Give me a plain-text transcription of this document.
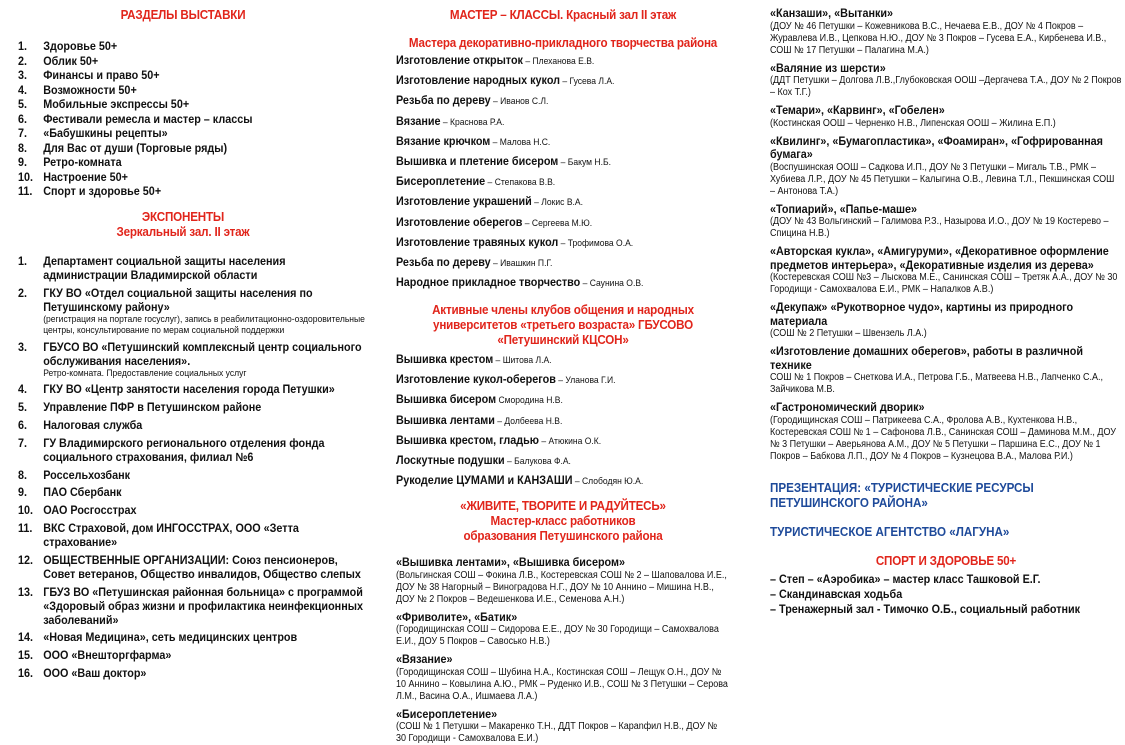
РАЗДЕЛЫ ВЫСТАВКИ
1. Здоровье 50+
2. Облик 50+
3. Финансы и право 50+
4. Возможности 50+
5. Мобильные экспрессы 50+
6. Фестивали ремесла и мастер – классы
7. «Бабушкины рецепты»
8. Для Вас от души (Торговые ряды)
9. Ретро-комната
10. Настроение 50+
11. Спорт и здоровье 50+
ЭКСПОНЕНТЫ
Зеркальный зал. II этаж
1. Департамент социальной защиты населения администрации Владимирской области
2. ГКУ ВО «Отдел социальной защиты населения по Петушинскому району»
(регистрация на портале госуслуг), запись в реабилитационно-оздоровительные центры, консультирование по мерам социальной поддержки
3. ГБУСО ВО «Петушинский комплексный центр социального обслуживания населения».
Ретро-комната. Предоставление социальных услуг
4. ГКУ ВО «Центр занятости населения города Петушки»
5. Управление ПФР в Петушинском районе
6. Налоговая служба
7. ГУ Владимирского регионального отделения фонда социального страхования, филиал №6
8. Россельхозбанк
9. ПАО Сбербанк
10. ОАО Росгосстрах
11. ВКС Страховой, дом ИНГОССТРАХ, ООО «Зетта страхование»
12. ОБЩЕСТВЕННЫЕ ОРГАНИЗАЦИИ: Союз пенсионеров, Совет ветеранов, Общество инвалидов, Общество слепых
13. ГБУЗ ВО «Петушинская районная больница» с программой «Здоровый образ жизни и профилактика неинфекционных заболеваний»
14. «Новая Медицина», сеть медицинских центров
15. ООО «Внешторгфарма»
16. ООО «Ваш доктор»
МАСТЕР – КЛАССЫ. Красный зал II этаж
Мастера декоративно-прикладного творчества района
Изготовление открыток – Плеханова Е.В.
Изготовление народных кукол – Гусева Л.А.
Резьба по дереву – Иванов С.Л.
Вязание – Краснова Р.А.
Вязание крючком – Малова Н.С.
Вышивка и плетение бисером – Бакум Н.Б.
Бисероплетение – Степакова В.В.
Изготовление украшений – Локис В.А.
Изготовление оберегов – Сергеева М.Ю.
Изготовление травяных кукол – Трофимова О.А.
Резьба по дереву – Ивашкин П.Г.
Народное прикладное творчество – Саунина О.В.
Активные члены клубов общения и народных университетов «третьего возраста» ГБУСОВО «Петушинский КЦСОН»
Вышивка крестом – Шитова Л.А.
Изготовление кукол-оберегов – Уланова Г.И.
Вышивка бисером Смородина Н.В.
Вышивка лентами – Долбеева Н.В.
Вышивка крестом, гладью – Атюкина О.К.
Лоскутные подушки – Балукова Ф.А.
Рукоделие ЦУМАМИ и КАНЗАШИ – Слободян Ю.А.
«ЖИВИТЕ, ТВОРИТЕ И РАДУЙТЕСЬ»
Мастер-класс работников образования Петушинского района
«Вышивка лентами», «Вышивка бисером»
(Вольгинская СОШ – Фокина Л.В., Костеревская СОШ № 2 – Шаповалова И.Е., ДОУ № 38 Нагорный – Виноградова Н.Г., ДОУ № 10 Аннино – Мишина Н.В., ДОУ № 2 Покров – Ведешенкова И.Е., Семенова А.Н.)
«Фриволите», «Батик»
(Городищинская СОШ – Сидорова Е.Е., ДОУ № 30 Городищи – Самохвалова Е.И., ДОУ 5 Покров – Савосько Н.В.)
«Вязание»
(Городищинская СОШ – Шубина Н.А., Костинская СОШ – Лещук О.Н., ДОУ № 10 Аннино – Ковылина А.Ю., РМК – Руденко И.В., СОШ № 3 Петушки – Серова Л.М., Васина О.А., Ишмаева Л.А.)
«Бисероплетение»
(СОШ № 1 Петушки – Макаренко Т.Н., ДДТ Покров – Карanфил Н.В., ДОУ № 30 Городищи - Самохвалова Е.И.)
«Канзаши», «Вытанки»
(ДОУ № 46 Петушки – Кожевникова В.С., Нечаева Е.В., ДОУ № 4 Покров – Журавлева И.В., Цепкова Н.Ю., ДОУ № 3 Покров – Гусева Е.А., Кирбенева И.В., СОШ № 17 Петушки – Палагина М.А.)
«Валяние из шерсти»
(ДДТ Петушки – Долгова Л.В.,Глубоковская ООШ –Дергачева Т.А., ДОУ № 2 Покров – Кох Т.Г.)
«Темари», «Карвинг», «Гобелен»
(Костинская ООШ – Черненко Н.В., Липенская ООШ – Жилина Е.П.)
«Квилинг», «Бумагопластика», «Фоамиран», «Гофрированная бумага»
(Воспушинская ООШ – Садкова И.П., ДОУ № 3 Петушки – Мигаль Т.В., РМК – Хубиева Л.Р., ДОУ № 45 Петушки – Калыгина О.В., Левина Т.Л., Пекшинская СОШ – Антонова Т.А.)
«Топиарий», «Папье-маше»
(ДОУ № 43 Вольгинский – Галимова Р.З., Назырова И.О., ДОУ № 19 Костерево – Спицина Н.В.)
«Авторская кукла», «Амигуруми», «Декоративное оформление предметов интерьера», «Декоративные изделия из дерева»
(Костеревская СОШ №3 – Лыскова М.Е., Санинская СОШ – Третяк А.А., ДОУ № 30 Городищи - Самохвалова Е.И., РМК – Напалков А.В.)
«Декупаж» «Рукотворное чудо», картины из природного материала
(СОШ № 2 Петушки – Швензель Л.А.)
«Изготовление домашних оберегов», работы в различной технике
СОШ № 1 Покров – Снеткова И.А., Петрова Г.Б., Матвеева Н.В., Лапченко С.А., Зайчикова М.В.
«Гастрономический дворик»
(Городищинская СОШ – Патрикеева С.А., Фролова А.В., Кухтенкова Н.В., Костеревская СОШ № 1 – Сафонова Л.В., Санинская СОШ – Даминова М.М., ДОУ № 3 Петушки – Аверьянова А.М., ДОУ № 5 Петушки – Паршина Е.С., ДОУ № 1 Покров – Бабкова Л.П., ДОУ № 4 Покров – Кузнецова В.А., Малова Р.И.)
ПРЕЗЕНТАЦИЯ: «ТУРИСТИЧЕСКИЕ РЕСУРСЫ ПЕТУШИНСКОГО РАЙОНА»
ТУРИСТИЧЕСКОЕ АГЕНТСТВО «ЛАГУНА»
СПОРТ И ЗДОРОВЬЕ 50+
– Степ – «Аэробика» – мастер класс Ташковой Е.Г.
– Скандинавская ходьба
– Тренажерный зал - Тимочко О.Б., социальный работник
